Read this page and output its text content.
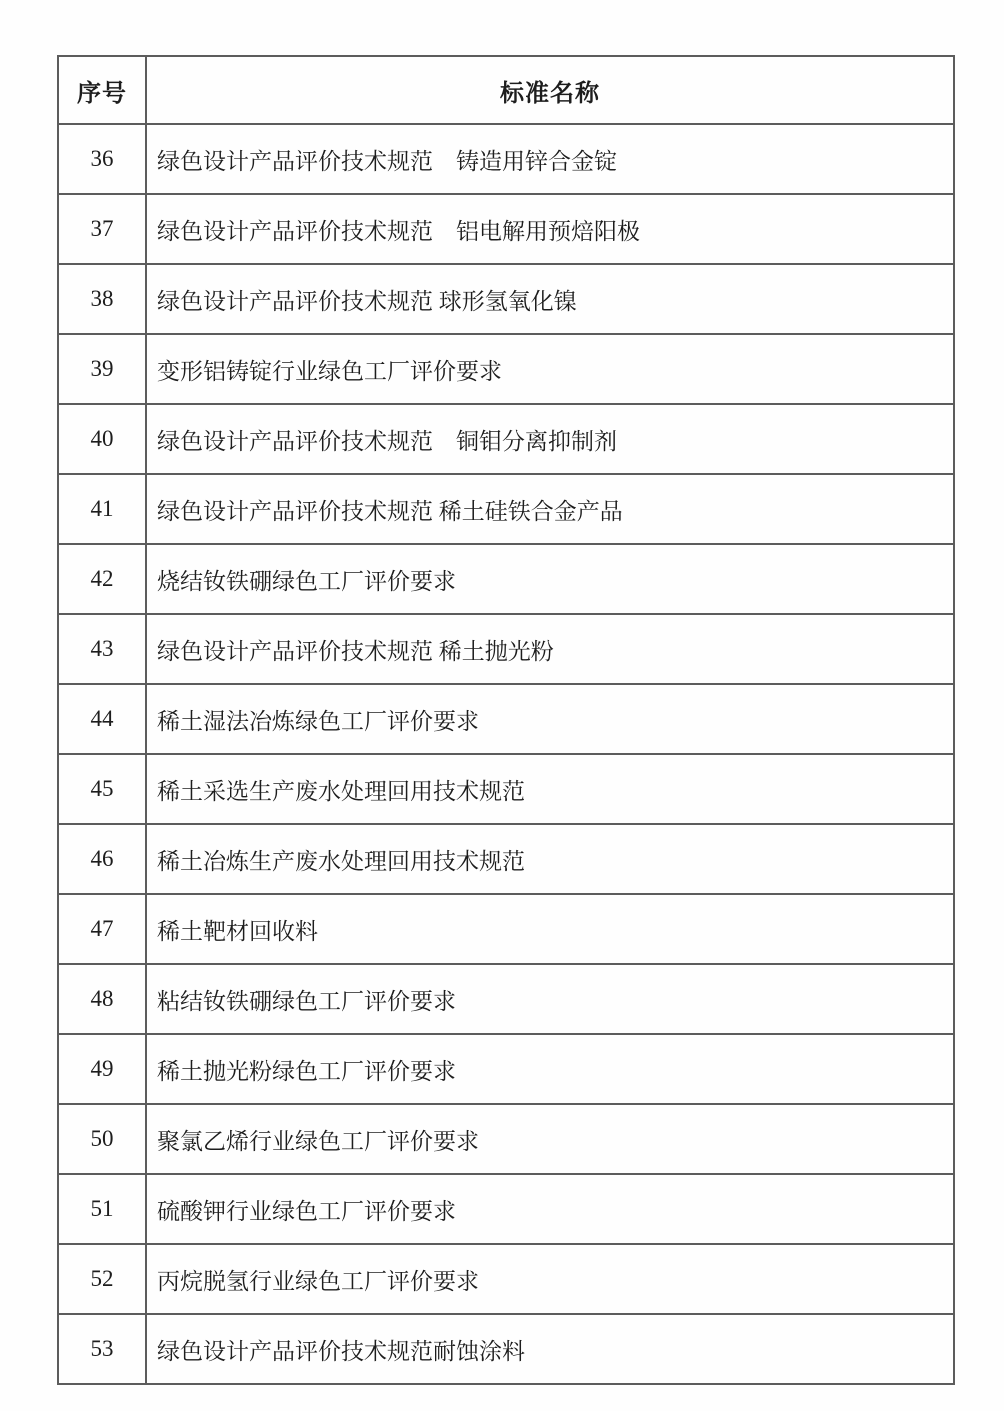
序号	标准名称
36	绿色设计产品评价技术规范　铸造用锌合金锭
37	绿色设计产品评价技术规范　铝电解用预焙阳极
38	绿色设计产品评价技术规范 球形氢氧化镍
39	变形铝铸锭行业绿色工厂评价要求
40	绿色设计产品评价技术规范　铜钼分离抑制剂
41	绿色设计产品评价技术规范 稀土硅铁合金产品
42	烧结钕铁硼绿色工厂评价要求
43	绿色设计产品评价技术规范 稀土抛光粉
44	稀土湿法冶炼绿色工厂评价要求
45	稀土采选生产废水处理回用技术规范
46	稀土冶炼生产废水处理回用技术规范
47	稀土靶材回收料
48	粘结钕铁硼绿色工厂评价要求
49	稀土抛光粉绿色工厂评价要求
50	聚氯乙烯行业绿色工厂评价要求
51	硫酸钾行业绿色工厂评价要求
52	丙烷脱氢行业绿色工厂评价要求
53	绿色设计产品评价技术规范耐蚀涂料
